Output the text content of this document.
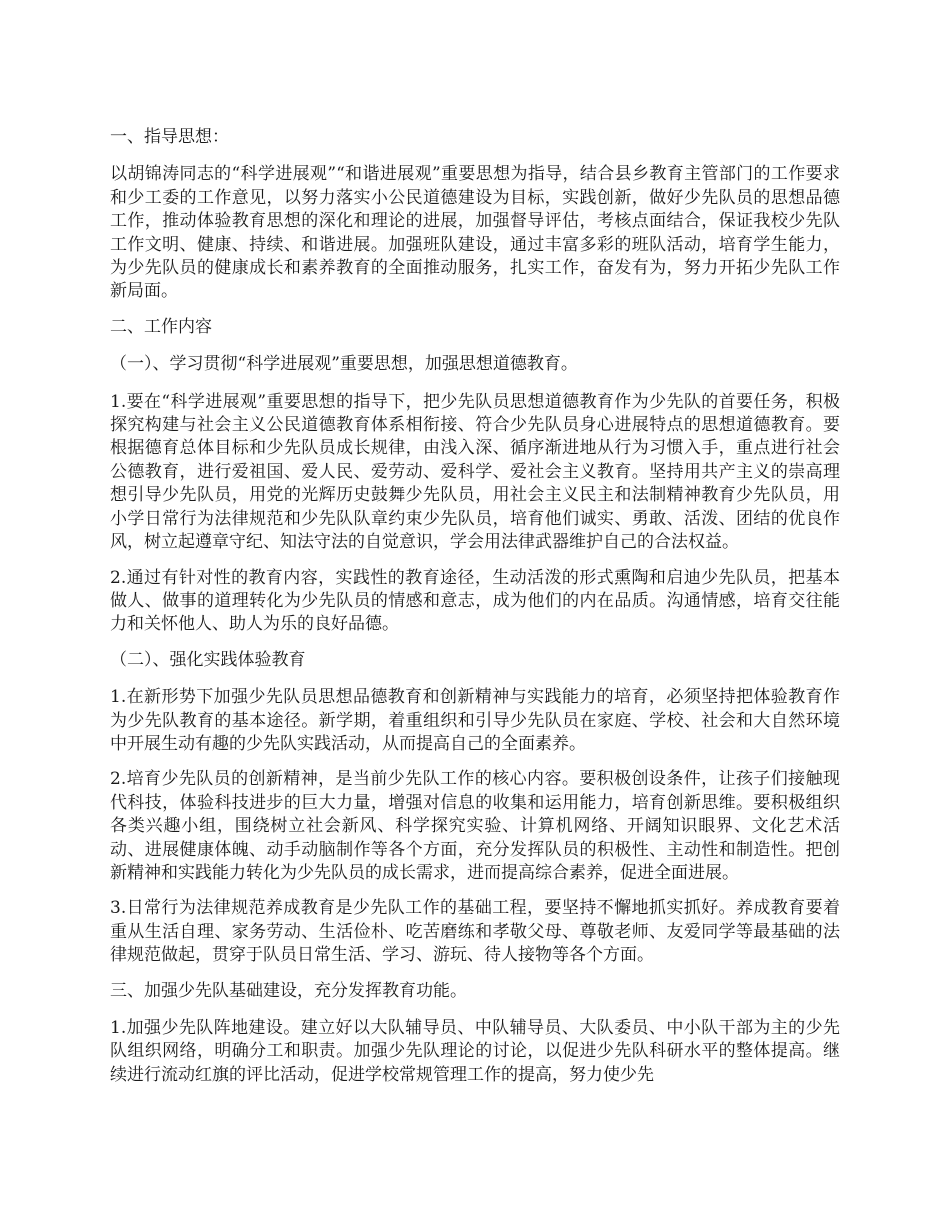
一、指导思想：

以胡锦涛同志的“科学进展观”“和谐进展观”重要思想为指导，结合县乡教育主管部门的工作要求和少工委的工作意见，以努力落实小公民道德建设为目标，实践创新，做好少先队员的思想品德工作，推动体验教育思想的深化和理论的进展，加强督导评估，考核点面结合，保证我校少先队工作文明、健康、持续、和谐进展。加强班队建设，通过丰富多彩的班队活动，培育学生能力，为少先队员的健康成长和素养教育的全面推动服务，扎实工作，奋发有为，努力开拓少先队工作新局面。

二、工作内容

（一）、学习贯彻“科学进展观”重要思想，加强思想道德教育。

1.要在“科学进展观”重要思想的指导下，把少先队员思想道德教育作为少先队的首要任务，积极探究构建与社会主义公民道德教育体系相衔接、符合少先队员身心进展特点的思想道德教育。要根据德育总体目标和少先队员成长规律，由浅入深、循序渐进地从行为习惯入手，重点进行社会公德教育，进行爱祖国、爱人民、爱劳动、爱科学、爱社会主义教育。坚持用共产主义的崇高理想引导少先队员，用党的光辉历史鼓舞少先队员，用社会主义民主和法制精神教育少先队员，用小学日常行为法律规范和少先队队章约束少先队员，培育他们诚实、勇敢、活泼、团结的优良作风，树立起遵章守纪、知法守法的自觉意识，学会用法律武器维护自己的合法权益。

2.通过有针对性的教育内容，实践性的教育途径，生动活泼的形式熏陶和启迪少先队员，把基本做人、做事的道理转化为少先队员的情感和意志，成为他们的内在品质。沟通情感，培育交往能力和关怀他人、助人为乐的良好品德。

（二）、强化实践体验教育

1.在新形势下加强少先队员思想品德教育和创新精神与实践能力的培育，必须坚持把体验教育作为少先队教育的基本途径。新学期，着重组织和引导少先队员在家庭、学校、社会和大自然环境中开展生动有趣的少先队实践活动，从而提高自己的全面素养。

2.培育少先队员的创新精神，是当前少先队工作的核心内容。要积极创设条件，让孩子们接触现代科技，体验科技进步的巨大力量，增强对信息的收集和运用能力，培育创新思维。要积极组织各类兴趣小组，围绕树立社会新风、科学探究实验、计算机网络、开阔知识眼界、文化艺术活动、进展健康体魄、动手动脑制作等各个方面，充分发挥队员的积极性、主动性和制造性。把创新精神和实践能力转化为少先队员的成长需求，进而提高综合素养，促进全面进展。

3.日常行为法律规范养成教育是少先队工作的基础工程，要坚持不懈地抓实抓好。养成教育要着重从生活自理、家务劳动、生活俭朴、吃苦磨练和孝敬父母、尊敬老师、友爱同学等最基础的法律规范做起，贯穿于队员日常生活、学习、游玩、待人接物等各个方面。

三、加强少先队基础建设，充分发挥教育功能。

1.加强少先队阵地建设。建立好以大队辅导员、中队辅导员、大队委员、中小队干部为主的少先队组织网络，明确分工和职责。加强少先队理论的讨论，以促进少先队科研水平的整体提高。继续进行流动红旗的评比活动，促进学校常规管理工作的提高，努力使少先
